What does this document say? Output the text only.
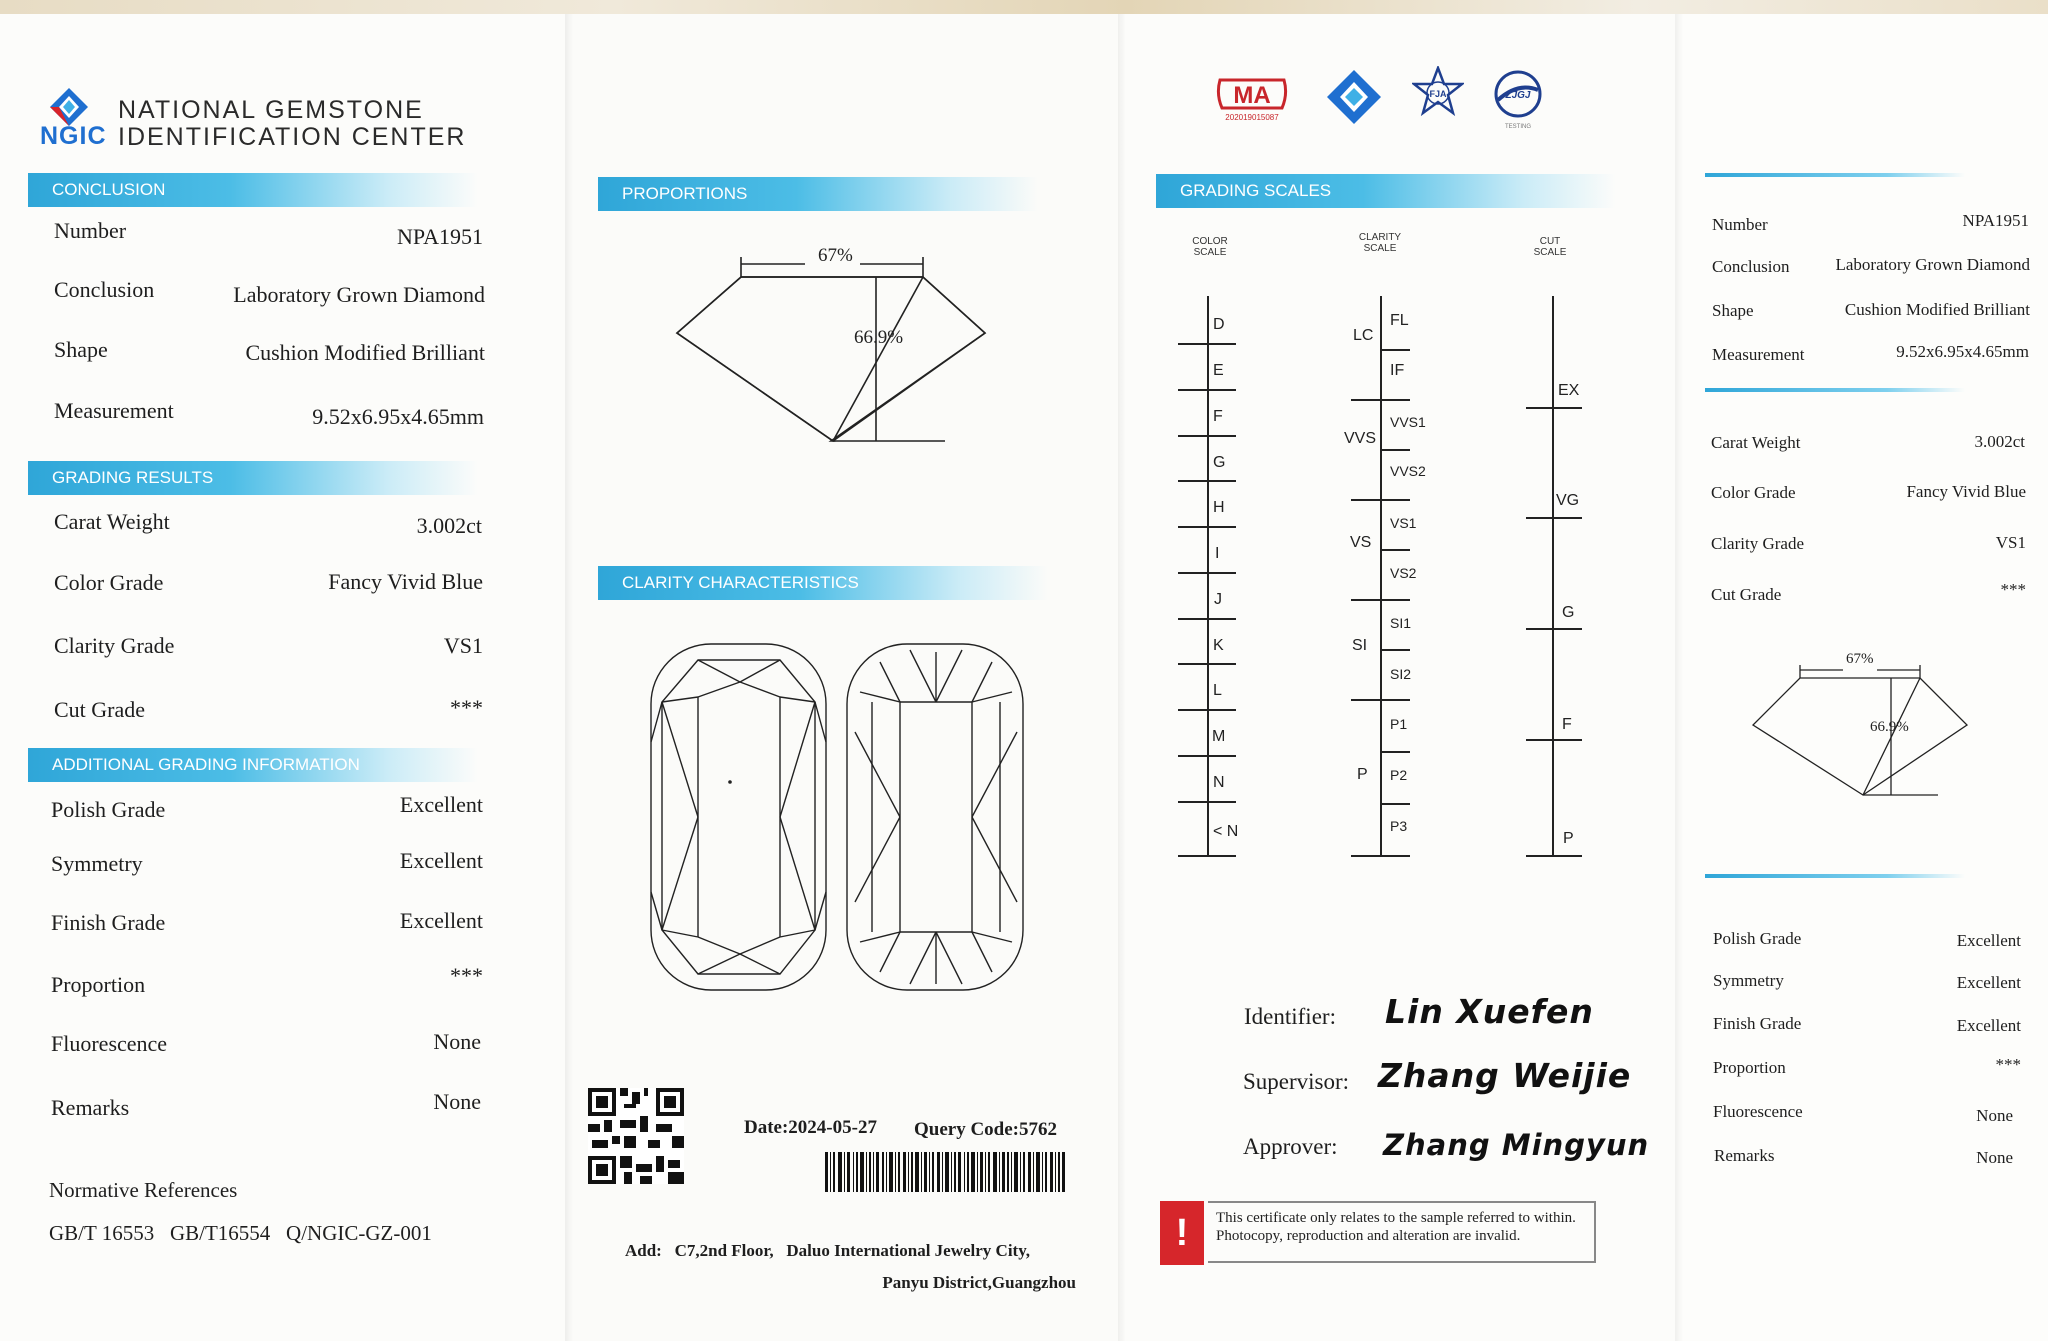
NGIC
NATIONAL GEMSTONE
IDENTIFICATION CENTER
CONCLUSION
Number	NPA1951
Conclusion	Laboratory Grown Diamond
Shape	Cushion Modified Brilliant
Measurement	9.52x6.95x4.65mm
GRADING RESULTS
Carat Weight	3.002ct
Color Grade	Fancy Vivid Blue
Clarity Grade	VS1
Cut Grade	***
ADDITIONAL GRADING INFORMATION
Polish Grade	Excellent
Symmetry	Excellent
Finish Grade	Excellent
Proportion	***
Fluorescence	None
Remarks	None
Normative References
GB/T 16553   GB/T16554   Q/NGIC-GZ-001
PROPORTIONS
67%
66.9%
CLARITY CHARACTERISTICS
Date:2024-05-27 Query Code:5762
Add:   C7,2nd Floor,   Daluo International Jewelry City,
Panyu District,Guangzhou
MA
202019015087
FJA	ZJGJ
TESTING
GRADING SCALES
COLOR
SCALE
CLARITY
SCALE
CUT
SCALE
D
E
F
G
H
I
J
K
L
M
N
< N
LC
VVS
VS
SI
P
FL
IF
VVS1
VVS2
VS1
VS2
SI1
SI2
P1
P2
P3
EX
VG
G
F
P
Identifier: Lin Xuefen
Supervisor: Zhang Weijie
Approver: Zhang Mingyun
!	This certificate only relates to the sample referred to within. Photocopy, reproduction and alteration are invalid.
Number	NPA1951
Conclusion	Laboratory Grown Diamond
Shape	Cushion Modified Brilliant
Measurement	9.52x6.95x4.65mm
Carat Weight	3.002ct
Color Grade	Fancy Vivid Blue
Clarity Grade	VS1
Cut Grade	***
67%
66.9%
Polish Grade	Excellent
Symmetry	Excellent
Finish Grade	Excellent
Proportion	***
Fluorescence	None
Remarks	None
